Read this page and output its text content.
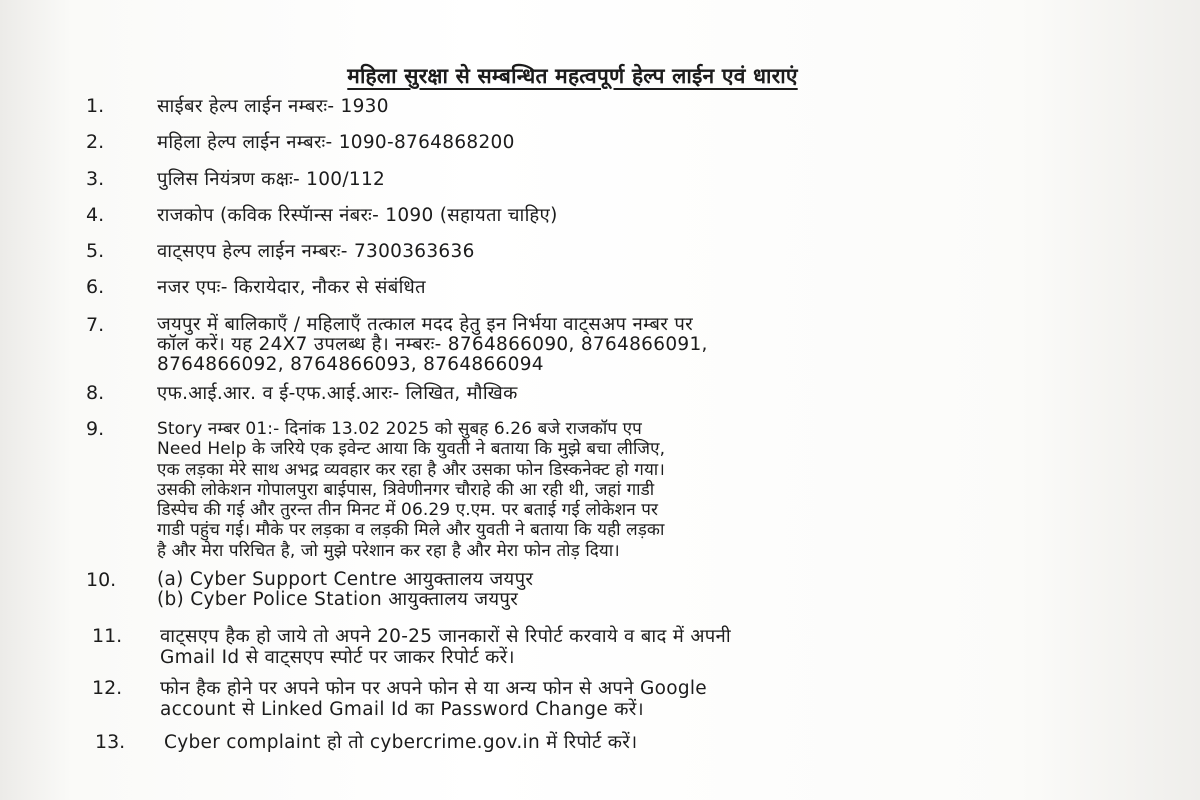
महिला सुरक्षा से सम्बन्धित महत्वपूर्ण हेल्प लाईन एवं धाराएं
1.	साईबर हेल्प लाईन नम्बरः- 1930
2.	महिला हेल्प लाईन नम्बरः- 1090-8764868200
3.	पुलिस नियंत्रण कक्षः- 100/112
4.	राजकोप (कविक रिस्पॅान्स नंबरः- 1090 (सहायता चाहिए)
5.	वाट्सएप हेल्प लाईन नम्बरः- 7300363636
6.	नजर एपः- किरायेदार, नौकर से संबंधित
7.	जयपुर में बालिकाएँ / महिलाएँ तत्काल मदद हेतु इन निर्भया वाट्सअप नम्बर पर
कॉल करें। यह 24X7 उपलब्ध है। नम्बरः- 8764866090, 8764866091,
8764866092, 8764866093, 8764866094
8.	एफ.आई.आर. व ई-एफ.आई.आरः- लिखित, मौखिक
9.	Story नम्बर 01:- दिनांक 13.02 2025 को सुबह 6.26 बजे राजकॉप एप
Need Help के जरिये एक इवेन्ट आया कि युवती ने बताया कि मुझे बचा लीजिए,
एक लड़का मेरे साथ अभद्र व्यवहार कर रहा है और उसका फोन डिस्कनेक्ट हो गया।
उसकी लोकेशन गोपालपुरा बाईपास, त्रिवेणीनगर चौराहे की आ रही थी, जहां गाडी
डिस्पेच की गई और तुरन्त तीन मिनट में 06.29 ए.एम. पर बताई गई लोकेशन पर
गाडी पहुंच गई। मौके पर लड़का व लड़की मिले और युवती ने बताया कि यही लड़का
है और मेरा परिचित है, जो मुझे परेशान कर रहा है और मेरा फोन तोड़ दिया।
10.	(a) Cyber Support Centre आयुक्तालय जयपुर
(b) Cyber Police Station आयुक्तालय जयपुर
11.	वाट्सएप हैक हो जाये तो अपने 20-25 जानकारों से रिपोर्ट करवाये व बाद में अपनी
Gmail Id से वाट्सएप स्पोर्ट पर जाकर रिपोर्ट करें।
12.	फोन हैक होने पर अपने फोन पर अपने फोन से या अन्य फोन से अपने Google
account से Linked Gmail Id का Password Change करें।
13.	Cyber complaint हो तो cybercrime.gov.in में रिपोर्ट करें।
